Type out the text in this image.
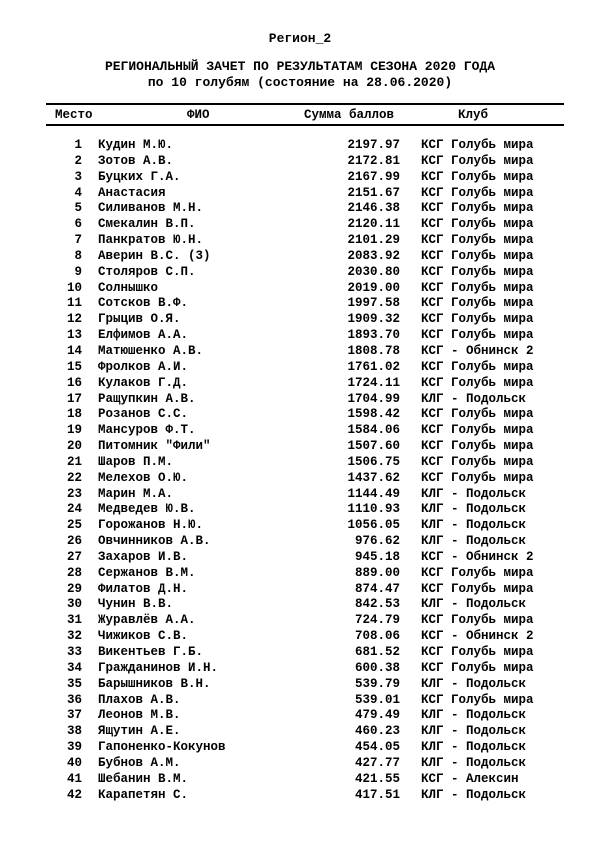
Регион_2
РЕГИОНАЛЬНЫЙ ЗАЧЕТ ПО РЕЗУЛЬТАТАМ СЕЗОНА 2020 ГОДА
по 10 голубям (состояние на 28.06.2020)
Место	ФИО	Сумма баллов	Клуб
1 Кудин М.Ю.	2197.97 КСГ Голубь мира
2 Зотов А.В.	2172.81 КСГ Голубь мира
3 Буцких Г.А.	2167.99 КСГ Голубь мира
4 Анастасия	2151.67 КСГ Голубь мира
5 Силиванов М.Н.	2146.38 КСГ Голубь мира
6 Смекалин В.П.	2120.11 КСГ Голубь мира
7 Панкратов Ю.Н.	2101.29 КСГ Голубь мира
8 Аверин В.С. (3)	2083.92 КСГ Голубь мира
9 Столяров С.П.	2030.80 КСГ Голубь мира
10 Солнышко	2019.00 КСГ Голубь мира
11 Сотсков В.Ф.	1997.58 КСГ Голубь мира
12 Грыцив О.Я.	1909.32 КСГ Голубь мира
13 Елфимов А.А.	1893.70 КСГ Голубь мира
14 Матюшенко А.В.	1808.78 КСГ - Обнинск 2
15 Фролков А.И.	1761.02 КСГ Голубь мира
16 Кулаков Г.Д.	1724.11 КСГ Голубь мира
17 Ращупкин А.В.	1704.99 КЛГ - Подольск
18 Розанов С.С.	1598.42 КСГ Голубь мира
19 Мансуров Ф.Т.	1584.06 КСГ Голубь мира
20 Питомник "Фили"	1507.60 КСГ Голубь мира
21 Шаров П.М.	1506.75 КСГ Голубь мира
22 Мелехов О.Ю.	1437.62 КСГ Голубь мира
23 Марин М.А.	1144.49 КЛГ - Подольск
24 Медведев Ю.В.	1110.93 КЛГ - Подольск
25 Горожанов Н.Ю.	1056.05 КЛГ - Подольск
26 Овчинников А.В.	976.62 КЛГ - Подольск
27 Захаров И.В.	945.18 КСГ - Обнинск 2
28 Сержанов В.М.	889.00 КСГ Голубь мира
29 Филатов Д.Н.	874.47 КСГ Голубь мира
30 Чунин В.В.	842.53 КЛГ - Подольск
31 Журавлёв А.А.	724.79 КСГ Голубь мира
32 Чижиков С.В.	708.06 КСГ - Обнинск 2
33 Викентьев Г.Б.	681.52 КСГ Голубь мира
34 Гражданинов И.Н.	600.38 КСГ Голубь мира
35 Барышников В.Н.	539.79 КЛГ - Подольск
36 Плахов А.В.	539.01 КСГ Голубь мира
37 Леонов М.В.	479.49 КЛГ - Подольск
38 Ящутин А.Е.	460.23 КЛГ - Подольск
39 Гапоненко-Кокунов	454.05 КЛГ - Подольск
40 Бубнов А.М.	427.77 КЛГ - Подольск
41 Шебанин В.М.	421.55 КСГ - Алексин
42 Карапетян С.	417.51 КЛГ - Подольск
